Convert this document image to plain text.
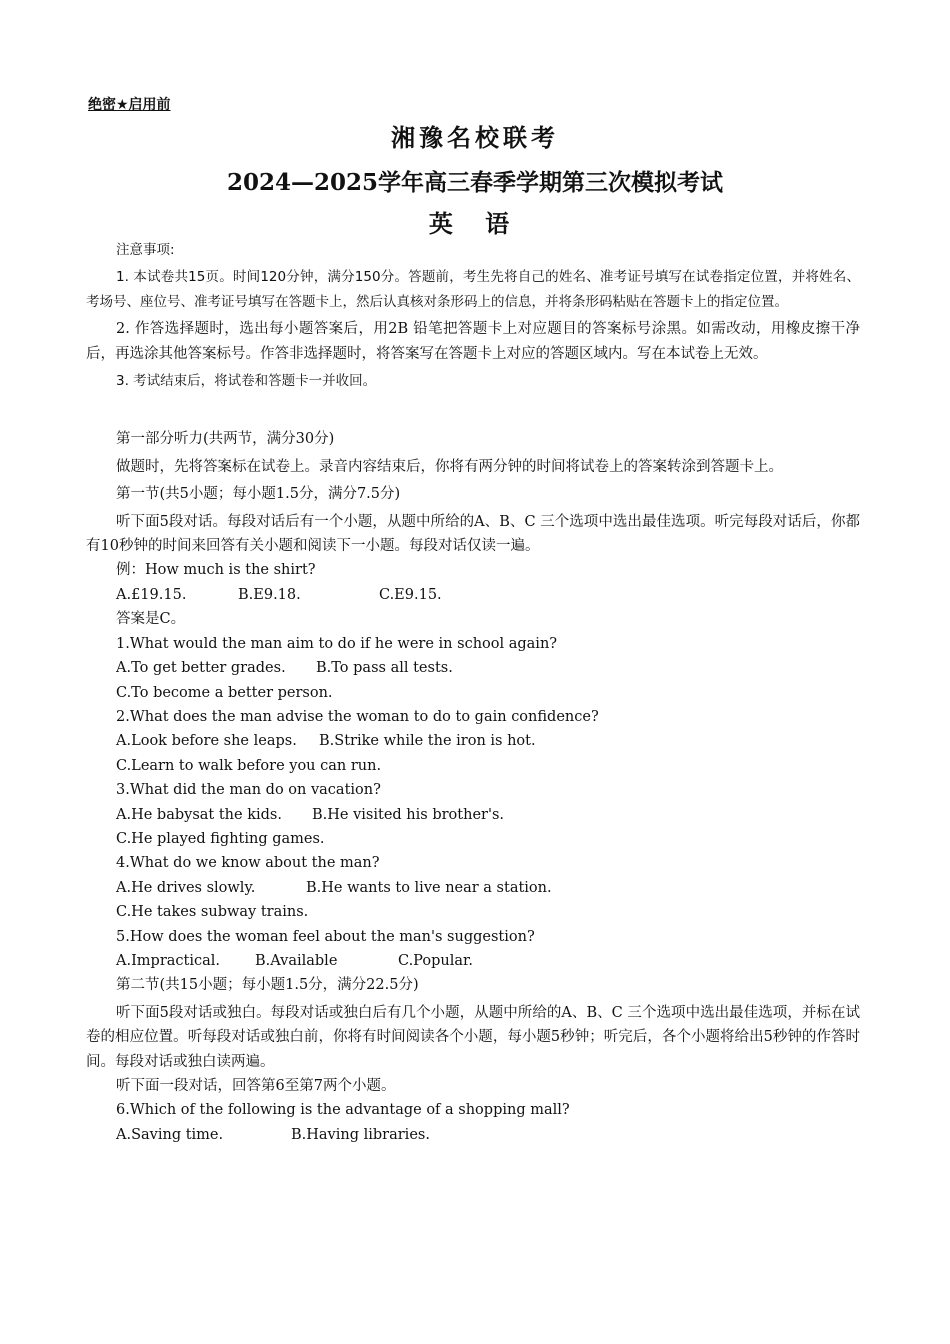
绝密★启用前
湘豫名校联考
2024—2025学年高三春季学期第三次模拟考试
英 语
注意事项:
1. 本试卷共15页。时间120分钟，满分150分。答题前，考生先将自己的姓名、准考证号填写在试卷指定位置，并将姓名、考场号、座位号、准考证号填写在答题卡上，然后认真核对条形码上的信息，并将条形码粘贴在答题卡上的指定位置。
2. 作答选择题时，选出每小题答案后，用2B 铅笔把答题卡上对应题目的答案标号涂黑。如需改动，用橡皮擦干净后，再选涂其他答案标号。作答非选择题时，将答案写在答题卡上对应的答题区域内。写在本试卷上无效。
3. 考试结束后，将试卷和答题卡一并收回。
第一部分听力(共两节，满分30分)
做题时，先将答案标在试卷上。录音内容结束后，你将有两分钟的时间将试卷上的答案转涂到答题卡上。
第一节(共5小题；每小题1.5分，满分7.5分)
听下面5段对话。每段对话后有一个小题，从题中所给的A、B、C 三个选项中选出最佳选项。听完每段对话后，你都有10秒钟的时间来回答有关小题和阅读下一小题。每段对话仅读一遍。
例：How much is the shirt?
A.£19.15.	B.E9.18.	C.E9.15.
答案是C。
1.What would the man aim to do if he were in school again?
A.To get better grades.	B.To pass all tests.
C.To become a better person.
2.What does the man advise the woman to do to gain confidence?
A.Look before she leaps.	B.Strike while the iron is hot.
C.Learn to walk before you can run.
3.What did the man do on vacation?
A.He babysat the kids.	B.He visited his brother's.
C.He played fighting games.
4.What do we know about the man?
A.He drives slowly.	B.He wants to live near a station.
C.He takes subway trains.
5.How does the woman feel about the man's suggestion?
A.Impractical.	B.Available	C.Popular.
第二节(共15小题；每小题1.5分，满分22.5分)
听下面5段对话或独白。每段对话或独白后有几个小题，从题中所给的A、B、C 三个选项中选出最佳选项，并标在试卷的相应位置。听每段对话或独白前，你将有时间阅读各个小题，每小题5秒钟；听完后，各个小题将给出5秒钟的作答时间。每段对话或独白读两遍。
听下面一段对话，回答第6至第7两个小题。
6.Which of the following is the advantage of a shopping mall?
A.Saving time.	B.Having libraries.
